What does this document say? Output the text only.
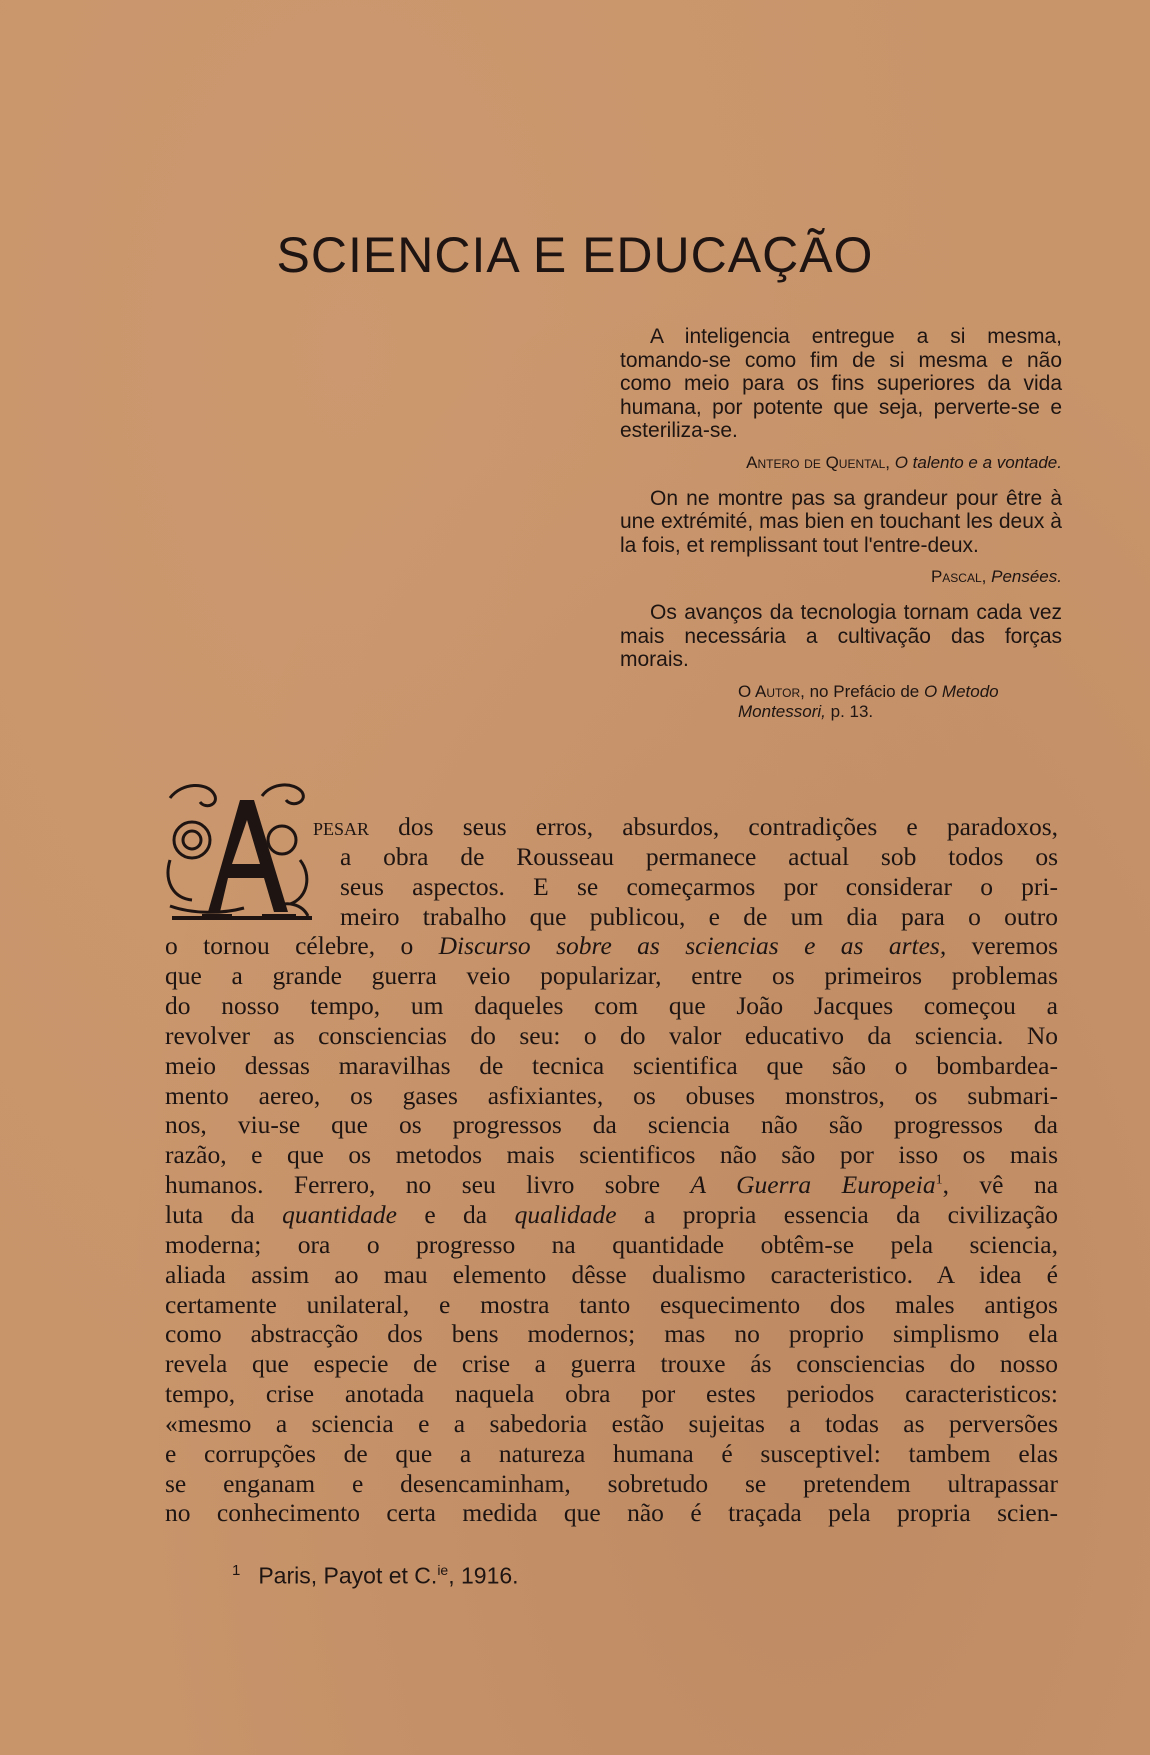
SCIENCIA E EDUCAÇÃO

A inteligencia entregue a si mesma, tomando-se como fim de si mesma e não como meio para os fins superiores da vida humana, por potente que seja, perverte-se e esteriliza-se.

Antero de Quental, O talento e a vontade.

On ne montre pas sa grandeur pour être à une extrémité, mas bien en touchant les deux à la fois, et remplissant tout l'entre-deux.

Pascal, Pensées.

Os avanços da tecnologia tornam cada vez mais necessária a cultivação das forças morais.

O Autor, no Prefácio de O Metodo Montessori, p. 13.
A

pesar dos seus erros, absurdos, contradições e paradoxos,

a obra de Rousseau permanece actual sob todos os

seus aspectos. E se começarmos por considerar o pri-

meiro trabalho que publicou, e de um dia para o outro

o tornou célebre, o Discurso sobre as sciencias e as artes, veremos

que a grande guerra veio popularizar, entre os primeiros problemas

do nosso tempo, um daqueles com que João Jacques começou a

revolver as consciencias do seu: o do valor educativo da sciencia. No

meio dessas maravilhas de tecnica scientifica que são o bombardea-

mento aereo, os gases asfixiantes, os obuses monstros, os submari-

nos, viu-se que os progressos da sciencia não são progressos da

razão, e que os metodos mais scientificos não são por isso os mais

humanos. Ferrero, no seu livro sobre A Guerra Europeia$^1$, vê na

luta da quantidade e da qualidade a propria essencia da civilização

moderna; ora o progresso na quantidade obtêm-se pela sciencia,

aliada assim ao mau elemento dêsse dualismo caracteristico. A idea é

certamente unilateral, e mostra tanto esquecimento dos males antigos

como abstracção dos bens modernos; mas no proprio simplismo ela

revela que especie de crise a guerra trouxe ás consciencias do nosso

tempo, crise anotada naquela obra por estes periodos caracteristicos:

«mesmo a sciencia e a sabedoria estão sujeitas a todas as perversões

e corrupções de que a natureza humana é susceptivel: tambem elas

se enganam e desencaminham, sobretudo se pretendem ultrapassar

no conhecimento certa medida que não é traçada pela propria scien-

$^1$ Paris, Payot et C.$^{ie}$, 1916.
